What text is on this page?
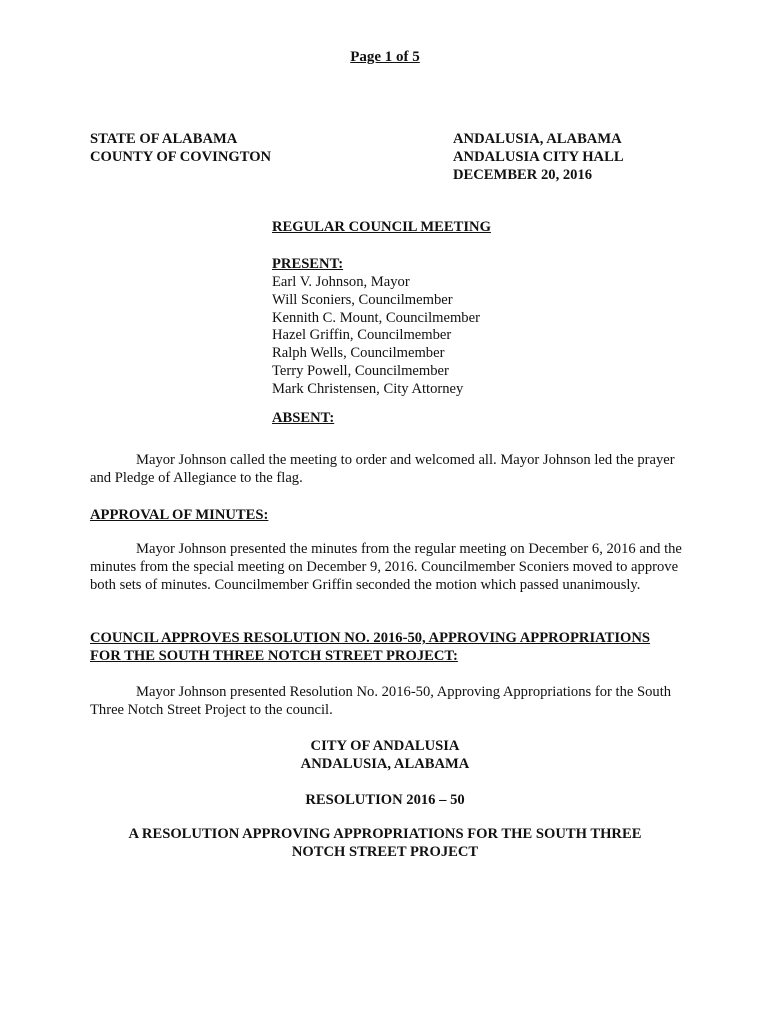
Page 1 of 5
STATE OF ALABAMA
COUNTY OF COVINGTON
ANDALUSIA, ALABAMA
ANDALUSIA CITY HALL
DECEMBER 20, 2016
REGULAR COUNCIL MEETING
PRESENT:
Earl V. Johnson, Mayor
Will Sconiers, Councilmember
Kennith C. Mount, Councilmember
Hazel Griffin, Councilmember
Ralph Wells, Councilmember
Terry Powell, Councilmember
Mark Christensen, City Attorney
ABSENT:
Mayor Johnson called the meeting to order and welcomed all. Mayor Johnson led the prayer and Pledge of Allegiance to the flag.
APPROVAL OF MINUTES:
Mayor Johnson presented the minutes from the regular meeting on December 6, 2016 and the minutes from the special meeting on December 9, 2016. Councilmember Sconiers moved to approve both sets of minutes. Councilmember Griffin seconded the motion which passed unanimously.
COUNCIL APPROVES RESOLUTION NO. 2016-50, APPROVING APPROPRIATIONS FOR THE SOUTH THREE NOTCH STREET PROJECT:
Mayor Johnson presented Resolution No. 2016-50, Approving Appropriations for the South Three Notch Street Project to the council.
CITY OF ANDALUSIA
ANDALUSIA, ALABAMA
RESOLUTION 2016 – 50
A RESOLUTION APPROVING APPROPRIATIONS FOR THE SOUTH THREE NOTCH STREET PROJECT
